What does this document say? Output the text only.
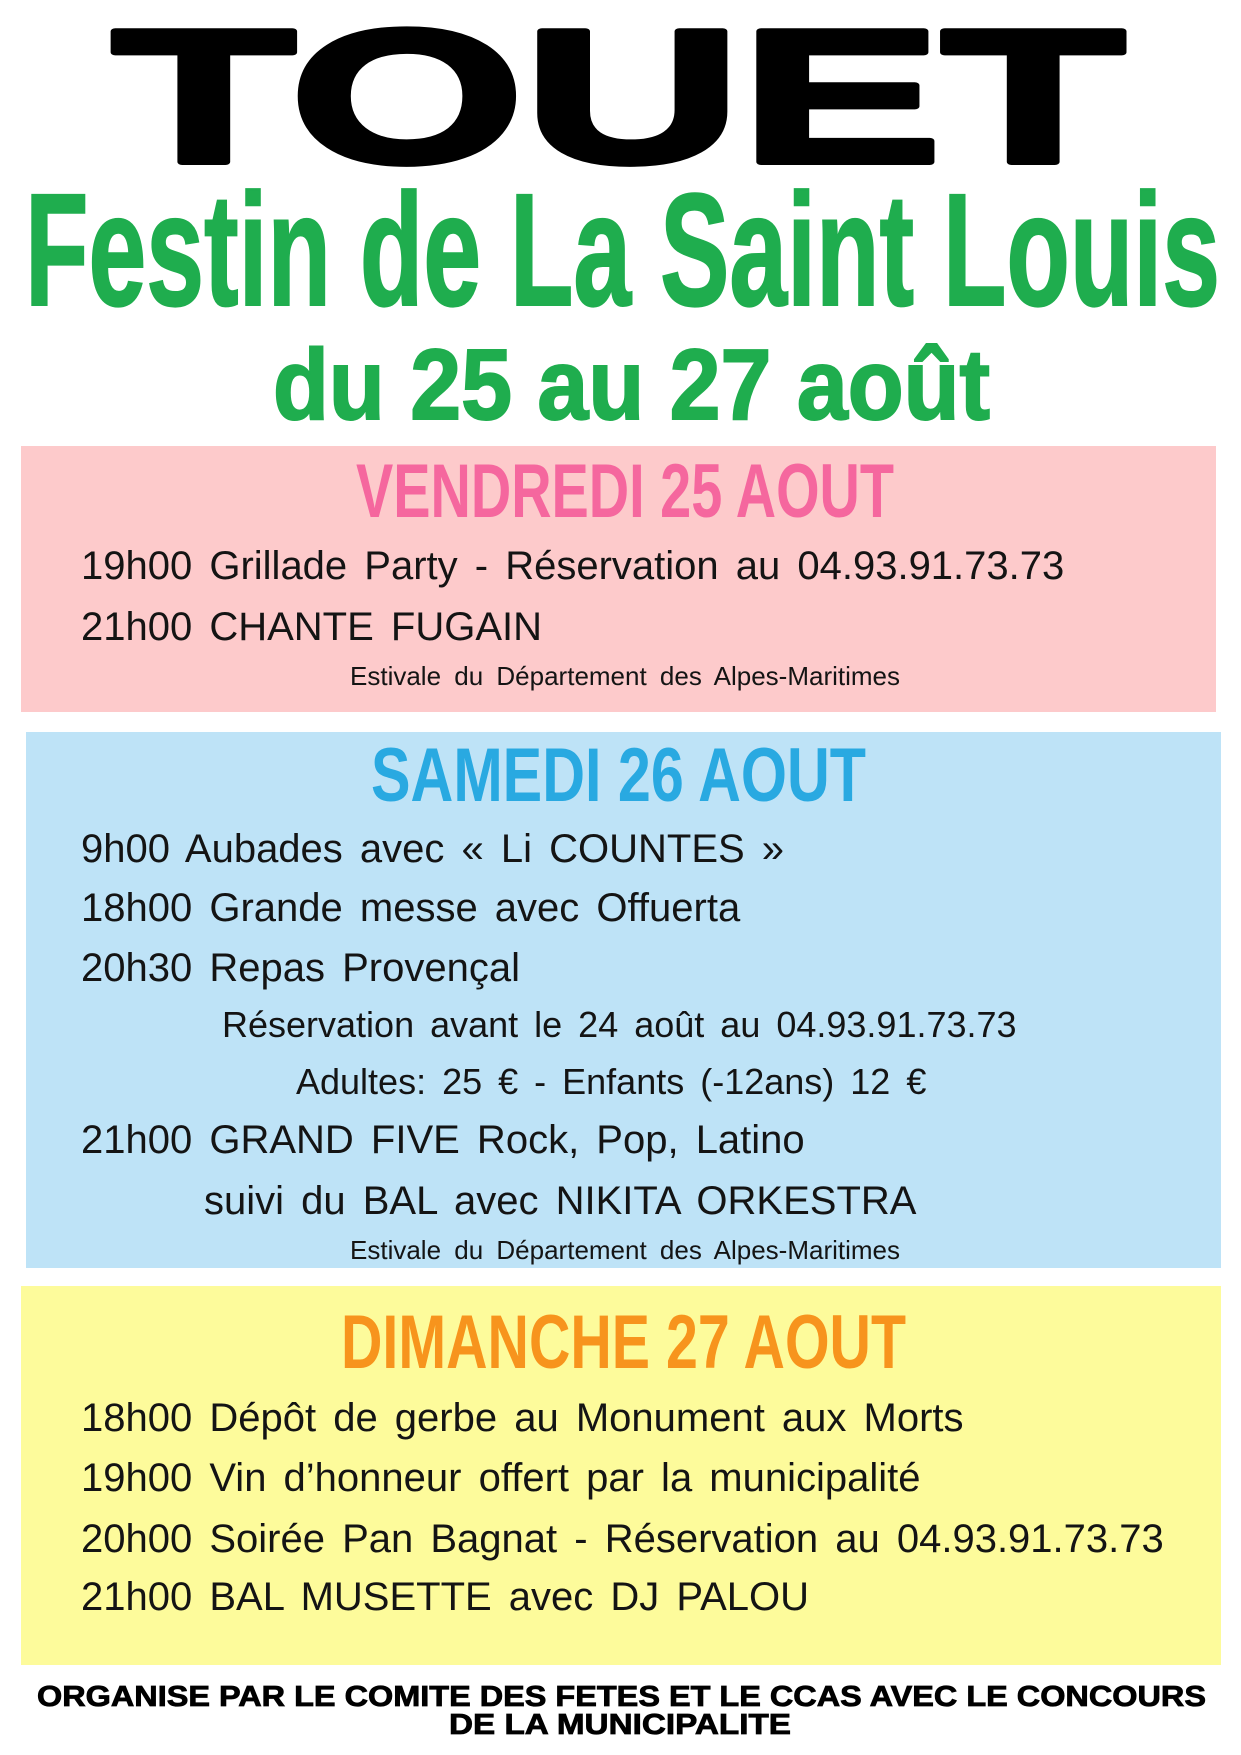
TOUET
Festin de La Saint Louis
du 25 au 27 août
VENDREDI 25 AOUT
19h00 Grillade Party - Réservation au 04.93.91.73.73
21h00 CHANTE FUGAIN
Estivale du Département des Alpes-Maritimes
SAMEDI 26 AOUT
9h00 Aubades avec « Li COUNTES »
18h00 Grande messe avec Offuerta
20h30 Repas Provençal
Réservation avant le 24 août au 04.93.91.73.73
Adultes: 25 € - Enfants (-12ans) 12 €
21h00 GRAND FIVE Rock, Pop, Latino
suivi du BAL avec NIKITA ORKESTRA
Estivale du Département des Alpes-Maritimes
DIMANCHE 27 AOUT
18h00 Dépôt de gerbe au Monument aux Morts
19h00 Vin d’honneur offert par la municipalité
20h00 Soirée Pan Bagnat - Réservation au 04.93.91.73.73
21h00 BAL MUSETTE avec DJ PALOU
ORGANISE PAR LE COMITE DES FETES ET LE CCAS AVEC LE CONCOURS
DE LA MUNICIPALITE
